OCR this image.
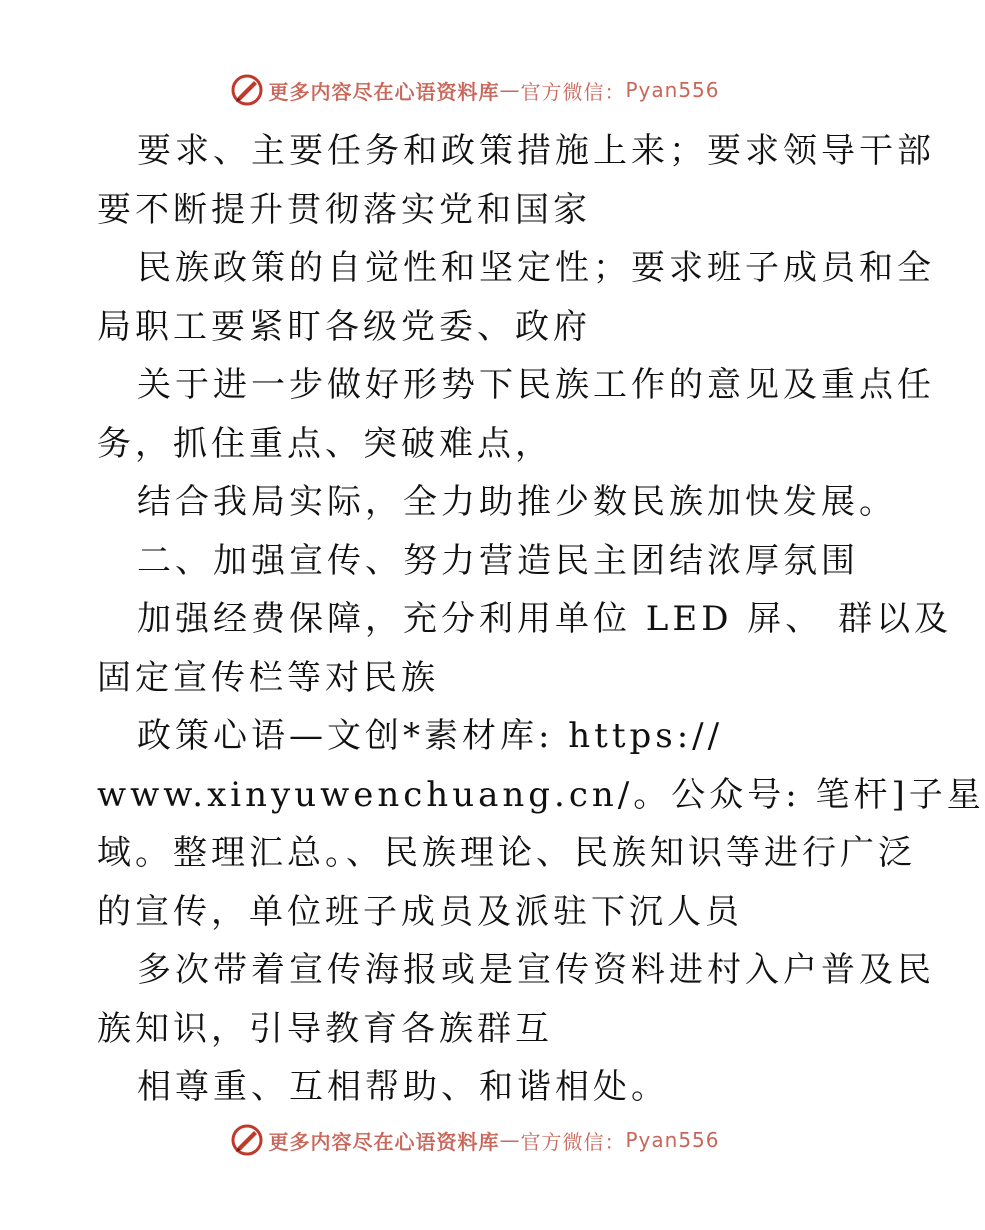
更多内容尽在心语资料库 — 官方微信： Pyan556
要求、主要任务和政策措施上来；要求领导干部
要不断提升贯彻落实党和国家
民族政策的自觉性和坚定性；要求班子成员和全
局职工要紧盯各级党委、政府
关于进一步做好形势下民族工作的意见及重点任
务，抓住重点、突破难点，
结合我局实际，全力助推少数民族加快发展。
二、加强宣传、努力营造民主团结浓厚氛围
加强经费保障，充分利用单位 LED 屏、 群以及
固定宣传栏等对民族
政策心语—文创*素材库: https://
www.xinyuwenchuang.cn/。公众号: 笔杆]子星
域。整理汇总。、民族理论、民族知识等进行广泛
的宣传，单位班子成员及派驻下沉人员
多次带着宣传海报或是宣传资料进村入户普及民
族知识，引导教育各族群互
相尊重、互相帮助、和谐相处。
更多内容尽在心语资料库 — 官方微信： Pyan556
